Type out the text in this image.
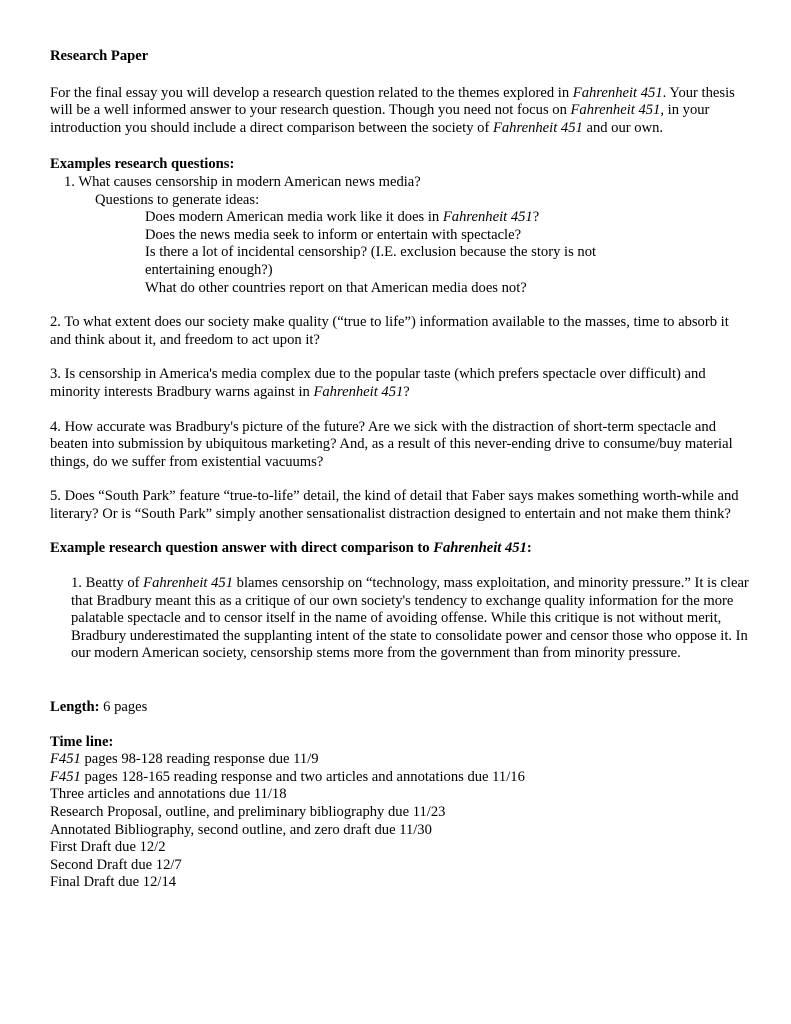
Research Paper

For the final essay you will develop a research question related to the themes explored in Fahrenheit 451. Your thesis will be a well informed answer to your research question. Though you need not focus on Fahrenheit 451, in your introduction you should include a direct comparison between the society of Fahrenheit 451 and our own.

Examples research questions:
1. What causes censorship in modern American news media?
Questions to generate ideas:
Does modern American media work like it does in Fahrenheit 451?
Does the news media seek to inform or entertain with spectacle?
Is there a lot of incidental censorship? (I.E. exclusion because the story is not entertaining enough?)
What do other countries report on that American media does not?

2. To what extent does our society make quality (“true to life”) information available to the masses, time to absorb it and think about it, and freedom to act upon it?

3. Is censorship in America's media complex due to the popular taste (which prefers spectacle over difficult) and minority interests Bradbury warns against in Fahrenheit 451?

4. How accurate was Bradbury's picture of the future? Are we sick with the distraction of short-term spectacle and beaten into submission by ubiquitous marketing? And, as a result of this never-ending drive to consume/buy material things, do we suffer from existential vacuums?

5. Does “South Park” feature “true-to-life” detail, the kind of detail that Faber says makes something worth-while and literary? Or is “South Park” simply another sensationalist distraction designed to entertain and not make them think?

Example research question answer with direct comparison to Fahrenheit 451:

1. Beatty of Fahrenheit 451 blames censorship on “technology, mass exploitation, and minority pressure.” It is clear that Bradbury meant this as a critique of our own society's tendency to exchange quality information for the more palatable spectacle and to censor itself in the name of avoiding offense. While this critique is not without merit, Bradbury underestimated the supplanting intent of the state to consolidate power and censor those who oppose it. In our modern American society, censorship stems more from the government than from minority pressure.

Length: 6 pages
Time line:
F451 pages 98-128 reading response due 11/9
F451 pages 128-165 reading response and two articles and annotations due 11/16
Three articles and annotations due 11/18
Research Proposal, outline, and preliminary bibliography due 11/23
Annotated Bibliography, second outline, and zero draft due 11/30
First Draft due 12/2
Second Draft due 12/7
Final Draft due 12/14
